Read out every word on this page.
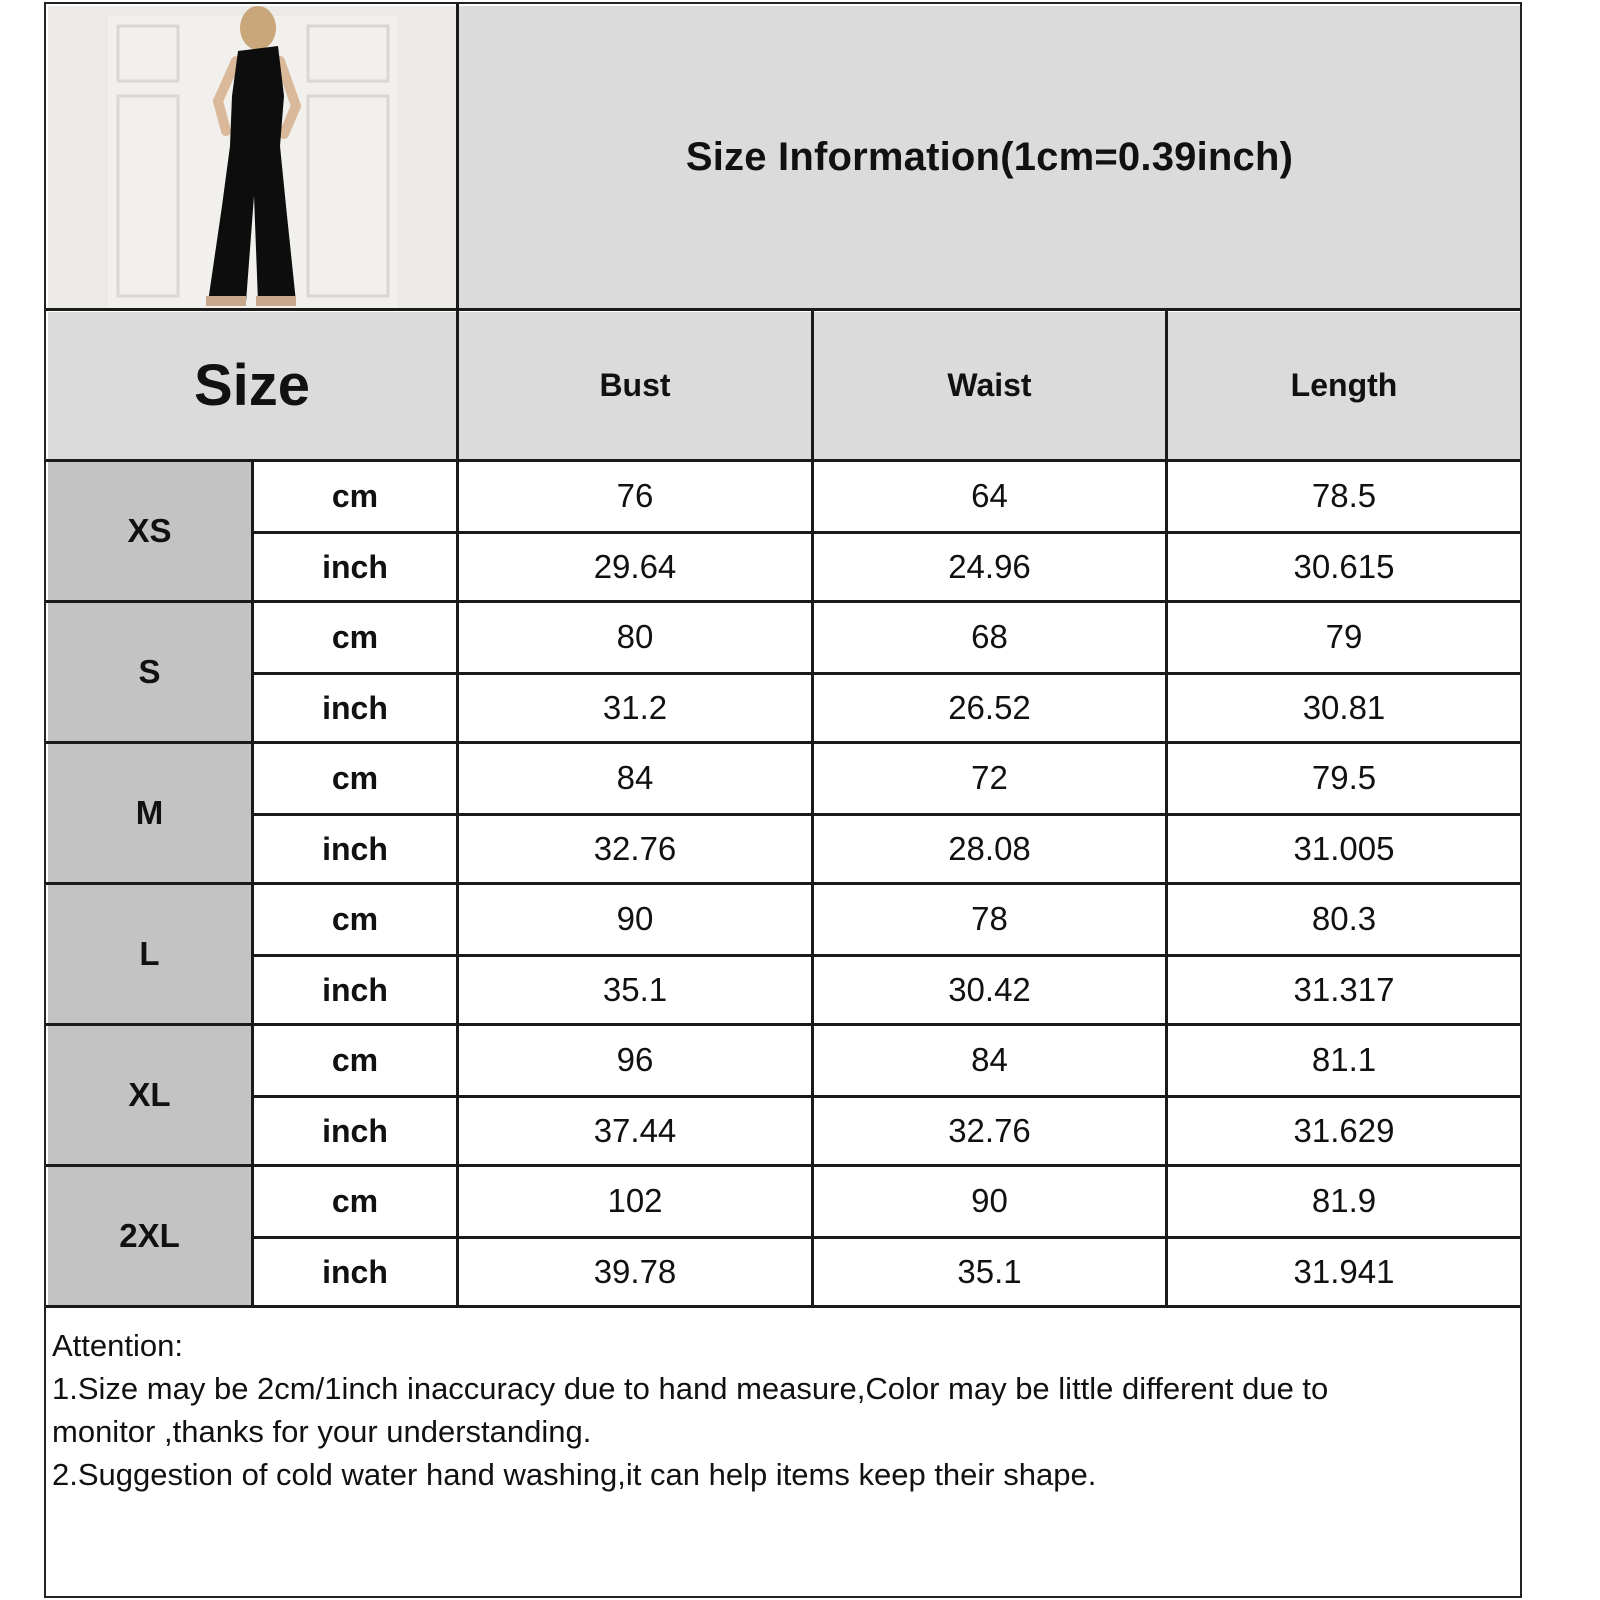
Size Information(1cm=0.39inch)
Size	Bust	Waist	Length
XS
cm	76	64	78.5
inch	29.64	24.96	30.615
S
cm	80	68	79
inch	31.2	26.52	30.81
M
cm	84	72	79.5
inch	32.76	28.08	31.005
L
cm	90	78	80.3
inch	35.1	30.42	31.317
XL
cm	96	84	81.1
inch	37.44	32.76	31.629
2XL
cm	102	90	81.9
inch	39.78	35.1	31.941
Attention:
1.Size may be 2cm/1inch inaccuracy due to hand measure,Color may be little different due to
monitor ,thanks for your understanding.
2.Suggestion of cold water hand washing,it can help items keep their shape.
